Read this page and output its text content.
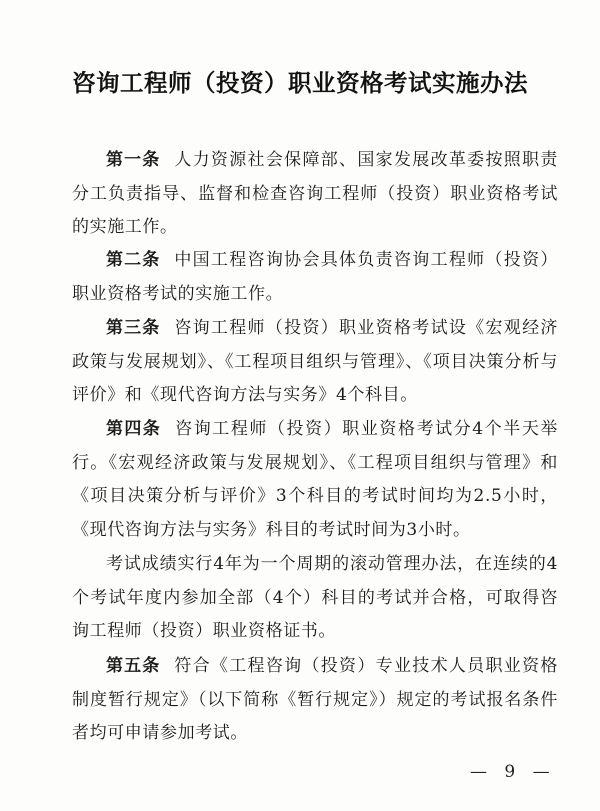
咨询工程师（投资）职业资格考试实施办法

第一条 人力资源社会保障部、国家发展改革委按照职责分工负责指导、监督和检查咨询工程师（投资）职业资格考试的实施工作。

第二条 中国工程咨询协会具体负责咨询工程师（投资）职业资格考试的实施工作。

第三条 咨询工程师（投资）职业资格考试设《宏观经济政策与发展规划》、《工程项目组织与管理》、《项目决策分析与评价》和《现代咨询方法与实务》4个科目。

第四条 咨询工程师（投资）职业资格考试分4个半天举行。《宏观经济政策与发展规划》、《工程项目组织与管理》和《项目决策分析与评价》3个科目的考试时间均为2.5小时，《现代咨询方法与实务》科目的考试时间为3小时。

考试成绩实行4年为一个周期的滚动管理办法，在连续的4个考试年度内参加全部（4个）科目的考试并合格，可取得咨询工程师（投资）职业资格证书。

第五条 符合《工程咨询（投资）专业技术人员职业资格制度暂行规定》（以下简称《暂行规定》）规定的考试报名条件者均可申请参加考试。

— 9 —
